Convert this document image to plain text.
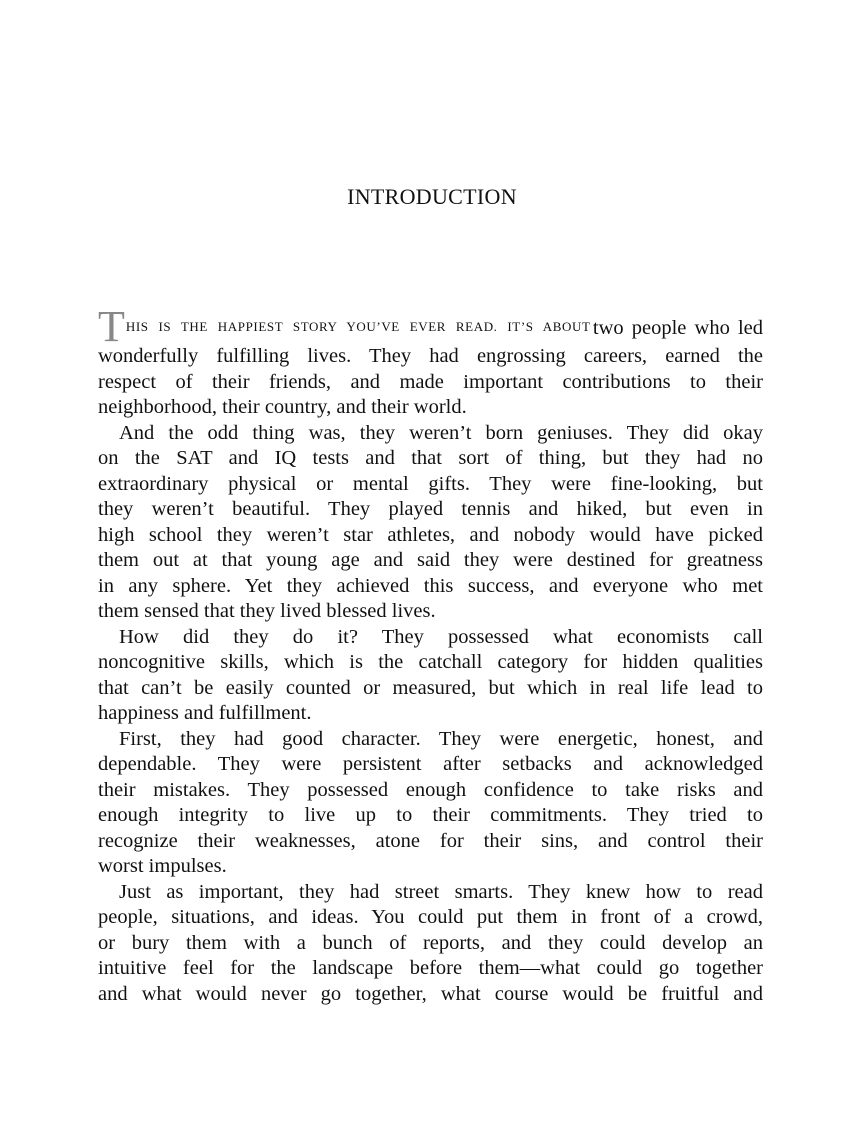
INTRODUCTION
T HIS IS THE HAPPIEST STORY YOU’VE EVER READ. IT’S ABOUT two people who led
wonderfully fulfilling lives. They had engrossing careers, earned the
respect of their friends, and made important contributions to their
neighborhood, their country, and their world.
And the odd thing was, they weren’t born geniuses. They did okay
on the SAT and IQ tests and that sort of thing, but they had no
extraordinary physical or mental gifts. They were fine-looking, but
they weren’t beautiful. They played tennis and hiked, but even in
high school they weren’t star athletes, and nobody would have picked
them out at that young age and said they were destined for greatness
in any sphere. Yet they achieved this success, and everyone who met
them sensed that they lived blessed lives.
How did they do it? They possessed what economists call
noncognitive skills, which is the catchall category for hidden qualities
that can’t be easily counted or measured, but which in real life lead to
happiness and fulfillment.
First, they had good character. They were energetic, honest, and
dependable. They were persistent after setbacks and acknowledged
their mistakes. They possessed enough confidence to take risks and
enough integrity to live up to their commitments. They tried to
recognize their weaknesses, atone for their sins, and control their
worst impulses.
Just as important, they had street smarts. They knew how to read
people, situations, and ideas. You could put them in front of a crowd,
or bury them with a bunch of reports, and they could develop an
intuitive feel for the landscape before them—what could go together
and what would never go together, what course would be fruitful and
